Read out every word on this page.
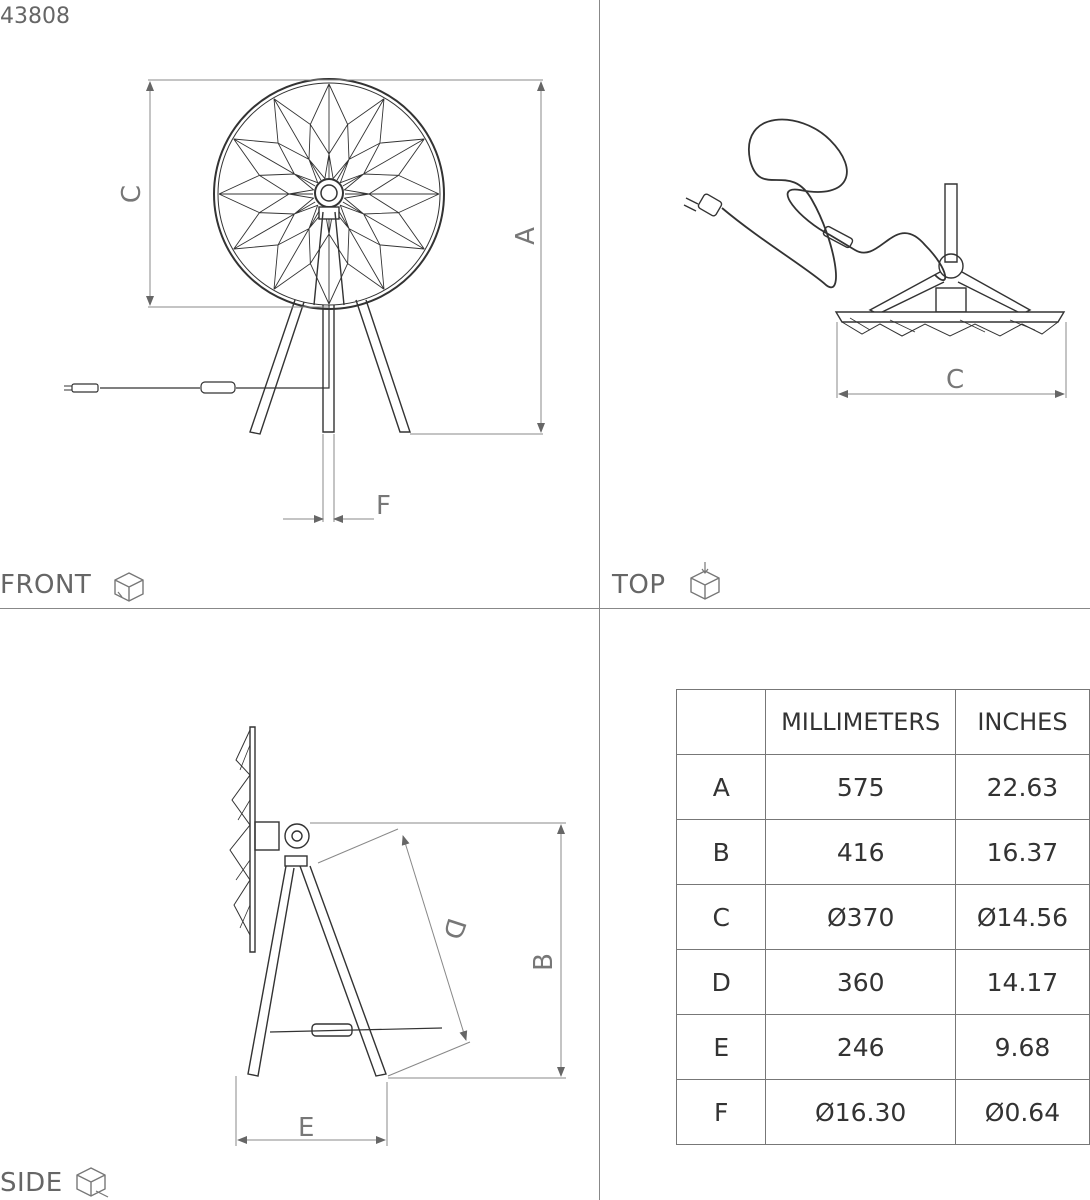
43808
C
A
F
C
D
B
E
FRONT	TOP
SIDE
	MILLIMETERS	INCHES
A	575	22.63
B	416	16.37
C	Ø370	Ø14.56
D	360	14.17
E	246	9.68
F	Ø16.30	Ø0.64
